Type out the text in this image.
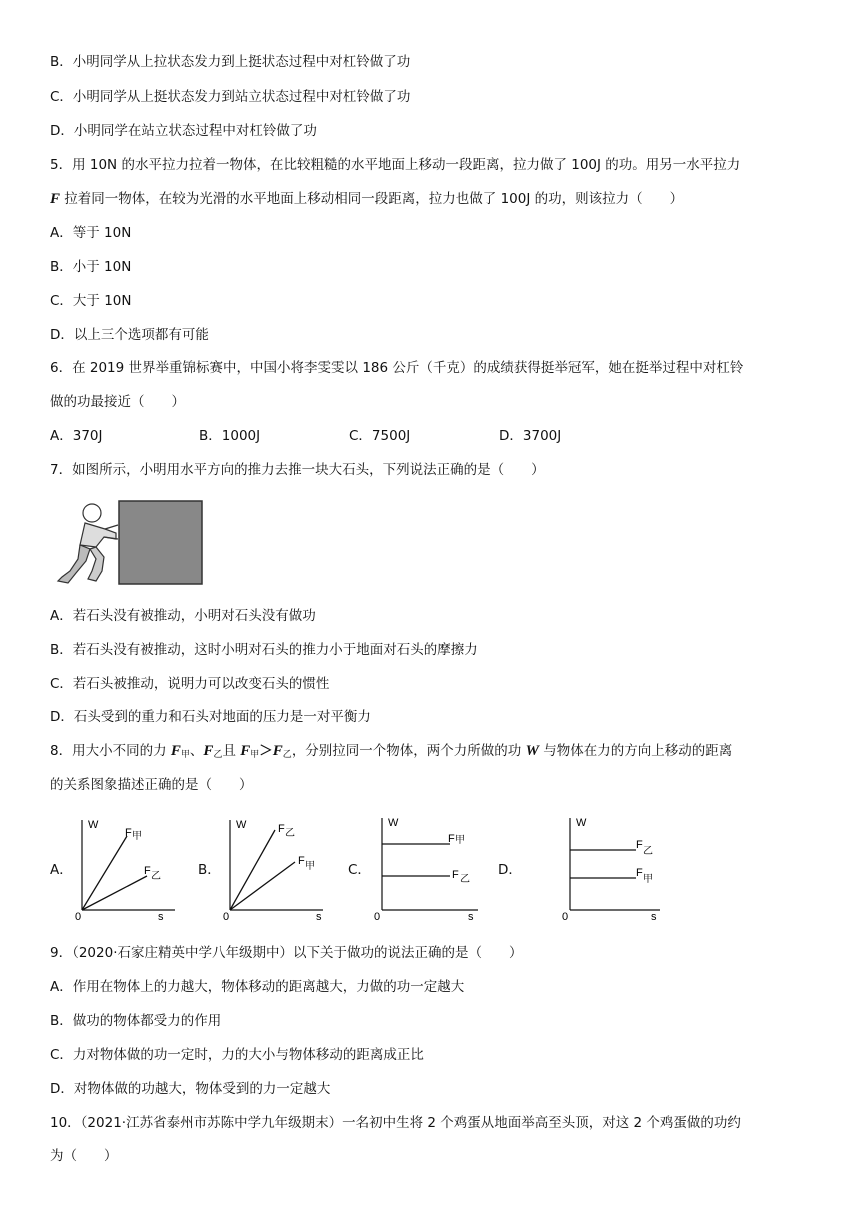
B．小明同学从上拉状态发力到上挺状态过程中对杠铃做了功
C．小明同学从上挺状态发力到站立状态过程中对杠铃做了功
D．小明同学在站立状态过程中对杠铃做了功
5．用 10N 的水平拉力拉着一物体，在比较粗糙的水平地面上移动一段距离，拉力做了 100J 的功。用另一水平拉力
F 拉着同一物体，在较为光滑的水平地面上移动相同一段距离，拉力也做了 100J 的功，则该拉力（　　）
A．等于 10N
B．小于 10N
C．大于 10N
D．以上三个选项都有可能
6．在 2019 世界举重锦标赛中，中国小将李雯雯以 186 公斤（千克）的成绩获得挺举冠军，她在挺举过程中对杠铃
做的功最接近（　　）
A．370J	B．1000J	C．7500J	D．3700J
7．如图所示，小明用水平方向的推力去推一块大石头，下列说法正确的是（　　）
A．若石头没有被推动，小明对石头没有做功
B．若石头没有被推动，这时小明对石头的推力小于地面对石头的摩擦力
C．若石头被推动，说明力可以改变石头的惯性
D．石头受到的重力和石头对地面的压力是一对平衡力
8．用大小不同的力 $F_甲$、$F_乙$且 $F_甲>F_乙$，分别拉同一个物体，两个力所做的功 W 与物体在力的方向上移动的距离
的关系图象描述正确的是（　　）
A．
W
s
0
F 甲
F 乙	B．
W
s
0
F 乙
F 甲 C．
W
s
0
F 甲
F 乙
D．
W
s
0
F
乙
F
甲
9．（2020·石家庄精英中学八年级期中）以下关于做功的说法正确的是（　　）
A．作用在物体上的力越大，物体移动的距离越大，力做的功一定越大
B．做功的物体都受力的作用
C．力对物体做的功一定时，力的大小与物体移动的距离成正比
D．对物体做的功越大，物体受到的力一定越大
10．（2021·江苏省泰州市苏陈中学九年级期末）一名初中生将 2 个鸡蛋从地面举高至头顶，对这 2 个鸡蛋做的功约
为（　　）
